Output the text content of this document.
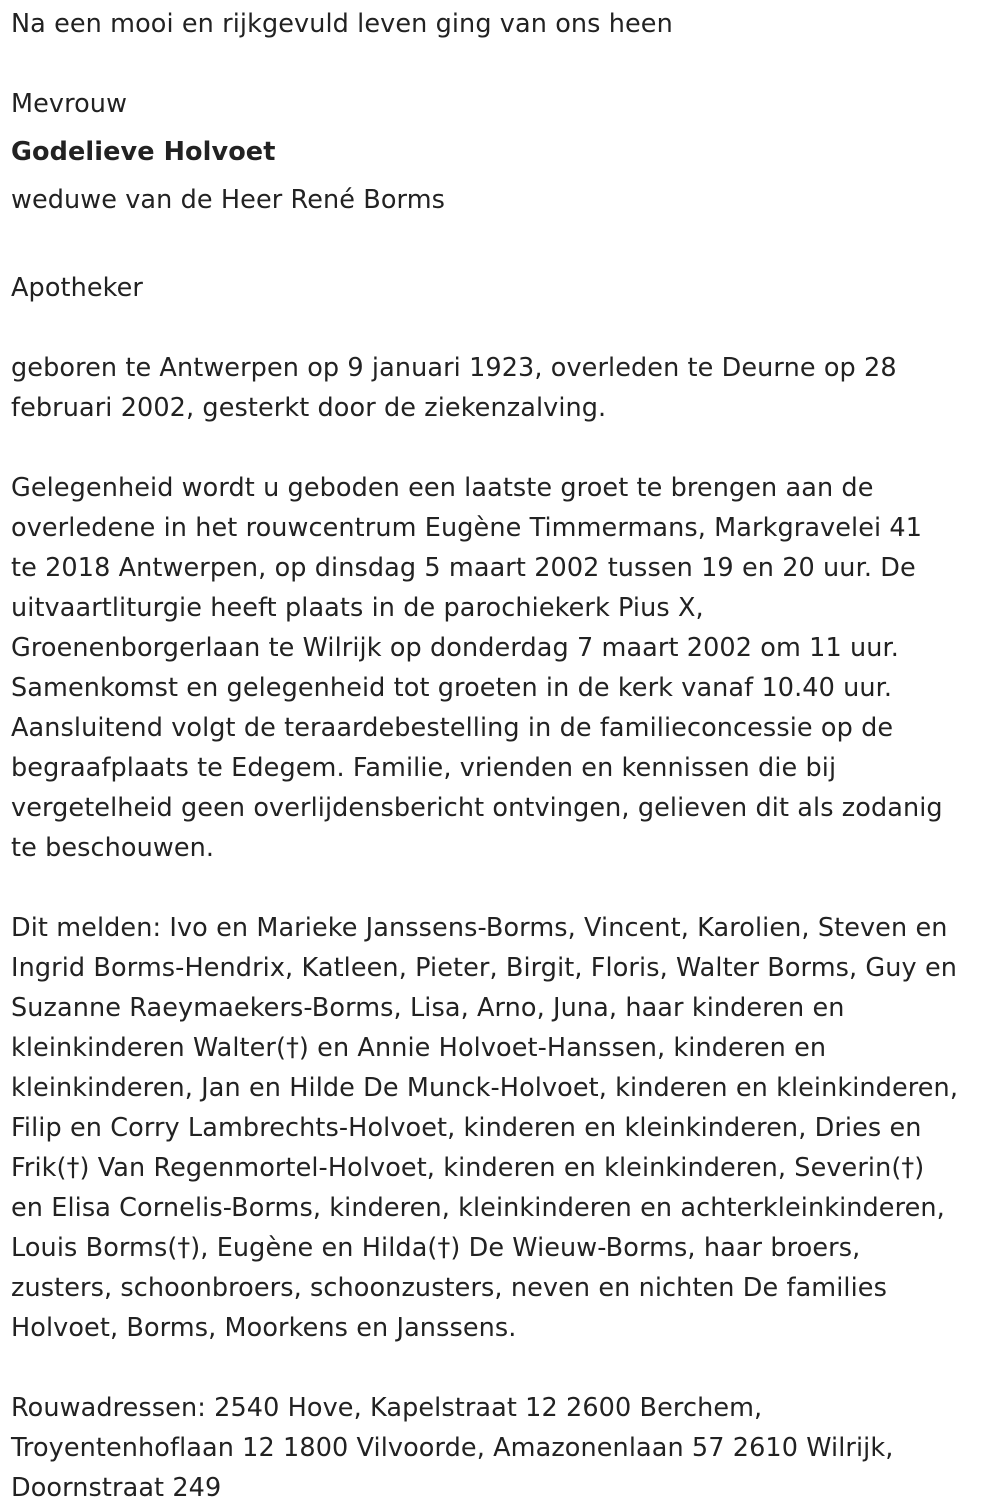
Na een mooi en rijkgevuld leven ging van ons heen

Mevrouw

Godelieve Holvoet

weduwe van de Heer René Borms

Apotheker

geboren te Antwerpen op 9 januari 1923, overleden te Deurne op 28
februari 2002, gesterkt door de ziekenzalving.

Gelegenheid wordt u geboden een laatste groet te brengen aan de
overledene in het rouwcentrum Eugène Timmermans, Markgravelei 41
te 2018 Antwerpen, op dinsdag 5 maart 2002 tussen 19 en 20 uur. De
uitvaartliturgie heeft plaats in de parochiekerk Pius X,
Groenenborgerlaan te Wilrijk op donderdag 7 maart 2002 om 11 uur.
Samenkomst en gelegenheid tot groeten in de kerk vanaf 10.40 uur.
Aansluitend volgt de teraardebestelling in de familieconcessie op de
begraafplaats te Edegem. Familie, vrienden en kennissen die bij
vergetelheid geen overlijdensbericht ontvingen, gelieven dit als zodanig
te beschouwen.

Dit melden: Ivo en Marieke Janssens-Borms, Vincent, Karolien, Steven en
Ingrid Borms-Hendrix, Katleen, Pieter, Birgit, Floris, Walter Borms, Guy en
Suzanne Raeymaekers-Borms, Lisa, Arno, Juna, haar kinderen en
kleinkinderen Walter(†) en Annie Holvoet-Hanssen, kinderen en
kleinkinderen, Jan en Hilde De Munck-Holvoet, kinderen en kleinkinderen,
Filip en Corry Lambrechts-Holvoet, kinderen en kleinkinderen, Dries en
Frik(†) Van Regenmortel-Holvoet, kinderen en kleinkinderen, Severin(†)
en Elisa Cornelis-Borms, kinderen, kleinkinderen en achterkleinkinderen,
Louis Borms(†), Eugène en Hilda(†) De Wieuw-Borms, haar broers,
zusters, schoonbroers, schoonzusters, neven en nichten De families
Holvoet, Borms, Moorkens en Janssens.

Rouwadressen: 2540 Hove, Kapelstraat 12 2600 Berchem,
Troyentenhoflaan 12 1800 Vilvoorde, Amazonenlaan 57 2610 Wilrijk,
Doornstraat 249
